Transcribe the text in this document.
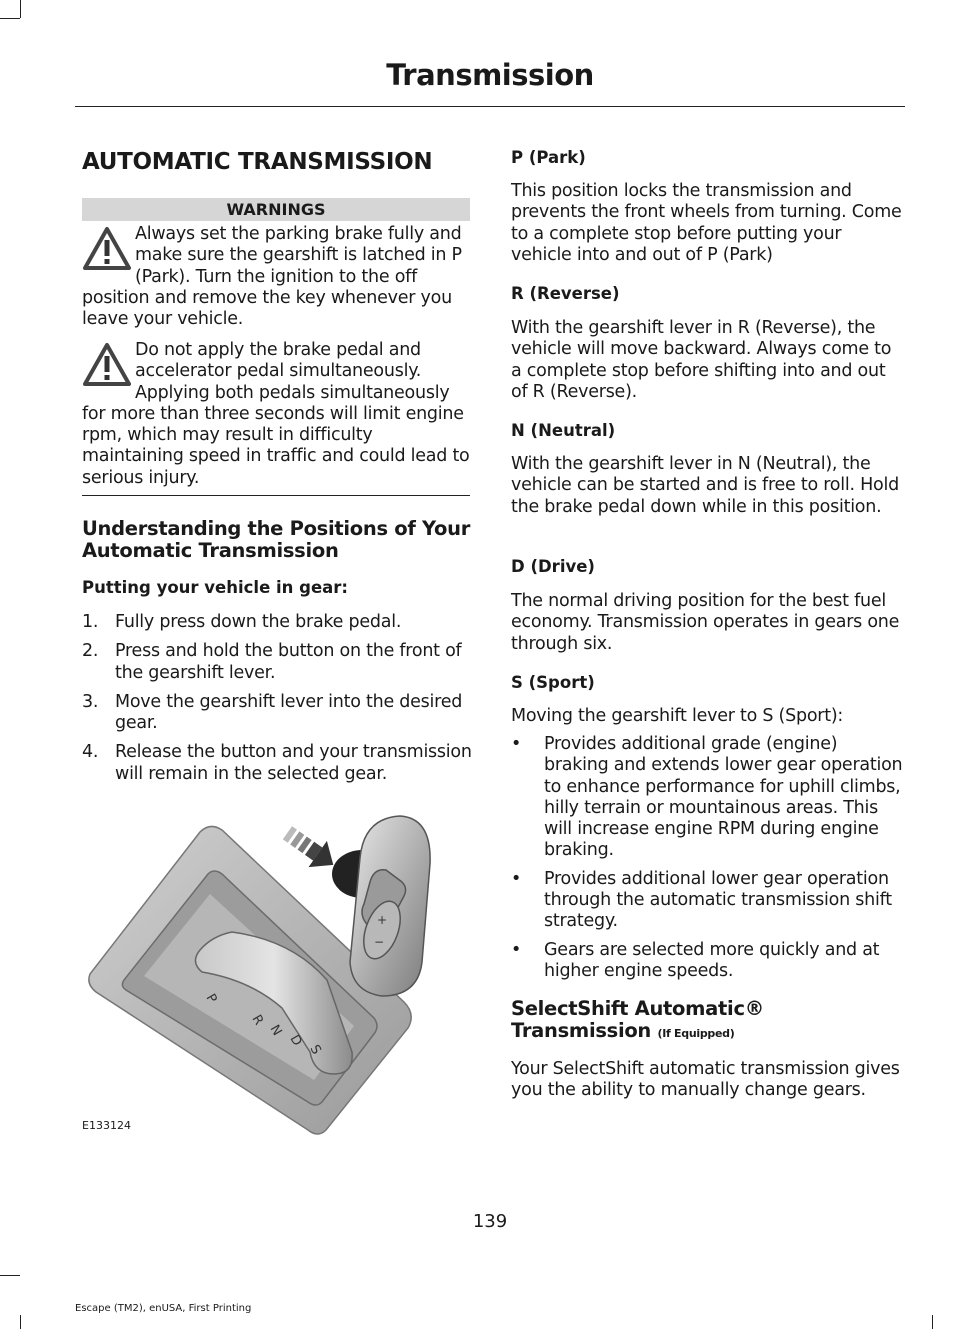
Transmission
AUTOMATIC TRANSMISSION
WARNINGS
Always set the parking brake fully and make sure the gearshift is latched in P (Park). Turn the ignition to the off position and remove the key whenever you leave your vehicle.
Do not apply the brake pedal and accelerator pedal simultaneously. Applying both pedals simultaneously for more than three seconds will limit engine rpm, which may result in difficulty maintaining speed in traffic and could lead to serious injury.
Understanding the Positions of Your Automatic Transmission
Putting your vehicle in gear:
1. Fully press down the brake pedal.
2. Press and hold the button on the front of the gearshift lever.
3. Move the gearshift lever into the desired gear.
4. Release the button and your transmission will remain in the selected gear.
+
−
P
R
N
D
S
E133124
P (Park)
This position locks the transmission and prevents the front wheels from turning. Come to a complete stop before putting your vehicle into and out of P (Park)
R (Reverse)
With the gearshift lever in R (Reverse), the vehicle will move backward. Always come to a complete stop before shifting into and out of R (Reverse).
N (Neutral)
With the gearshift lever in N (Neutral), the vehicle can be started and is free to roll. Hold the brake pedal down while in this position.
D (Drive)
The normal driving position for the best fuel economy. Transmission operates in gears one through six.
S (Sport)
Moving the gearshift lever to S (Sport):
• Provides additional grade (engine) braking and extends lower gear operation to enhance performance for uphill climbs, hilly terrain or mountainous areas. This will increase engine RPM during engine braking.
• Provides additional lower gear operation through the automatic transmission shift strategy.
• Gears are selected more quickly and at higher engine speeds.
SelectShift Automatic® Transmission (If Equipped)
Your SelectShift automatic transmission gives you the ability to manually change gears.
139
Escape (TM2), enUSA, First Printing
